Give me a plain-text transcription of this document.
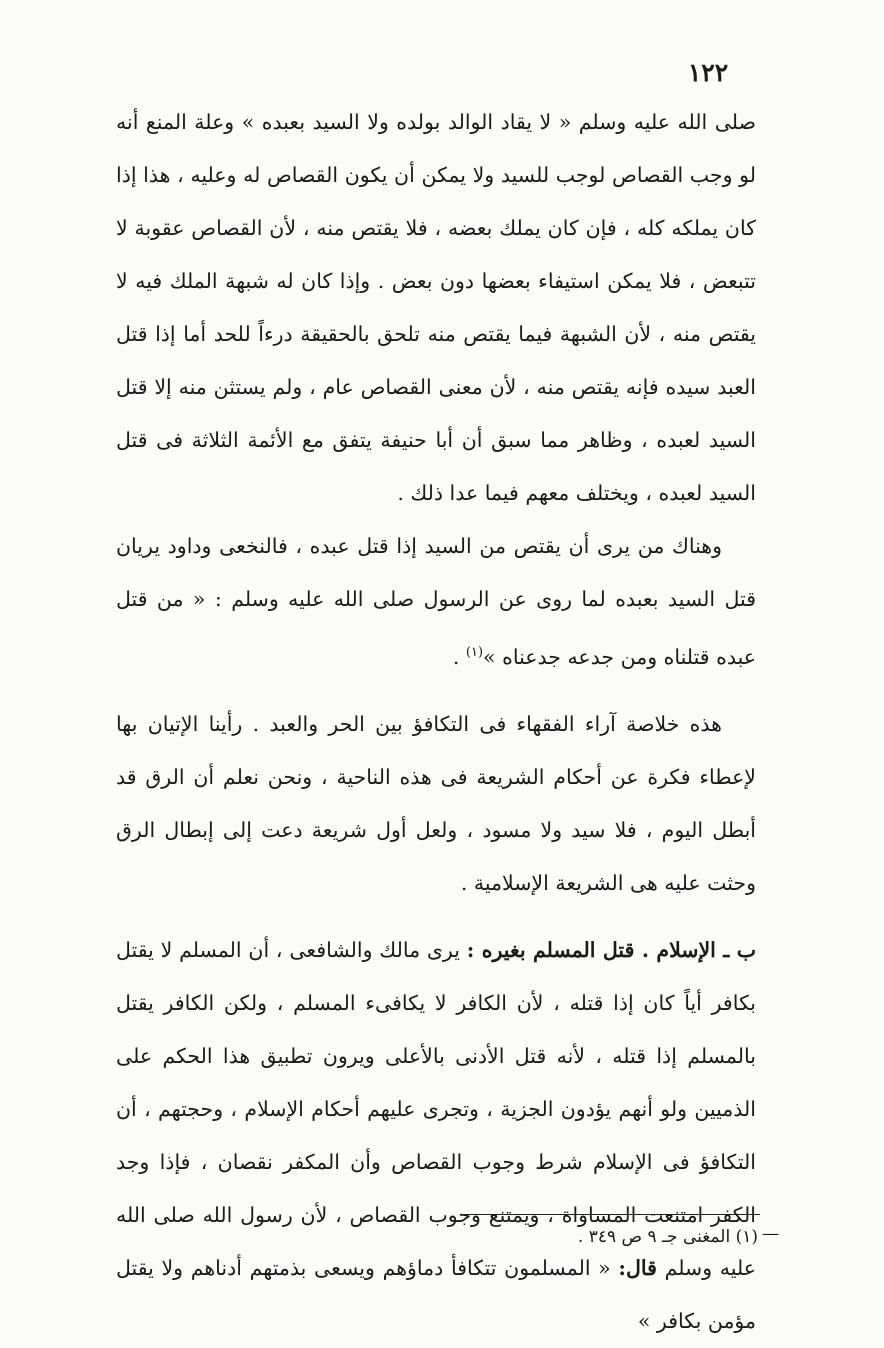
١٢٢

صلى الله عليه وسلم « لا يقاد الوالد بولده ولا السيد بعبده » وعلة المنع أنه لو وجب القصاص لوجب للسيد ولا يمكن أن يكون القصاص له وعليه ، هذا إذا كان يملكه كله ، فإن كان يملك بعضه ، فلا يقتص منه ، لأن القصاص عقوبة لا تتبعض ، فلا يمكن استيفاء بعضها دون بعض . وإذا كان له شبهة الملك فيه لا يقتص منه ، لأن الشبهة فيما يقتص منه تلحق بالحقيقة درءاً للحد أما إذا قتل العبد سيده فإنه يقتص منه ، لأن معنى القصاص عام ، ولم يستثن منه إلا قتل السيد لعبده ، وظاهر مما سبق أن أبا حنيفة يتفق مع الأئمة الثلاثة فى قتل السيد لعبده ، ويختلف معهم فيما عدا ذلك .

وهناك من يرى أن يقتص من السيد إذا قتل عبده ، فالنخعى وداود يريان قتل السيد بعبده لما روى عن الرسول صلى الله عليه وسلم : « من قتل عبده قتلناه ومن جدعه جدعناه »$^{(١)}$ .

هذه خلاصة آراء الفقهاء فى التكافؤ بين الحر والعبد . رأينا الإتيان بها لإعطاء فكرة عن أحكام الشريعة فى هذه الناحية ، ونحن نعلم أن الرق قد أبطل اليوم ، فلا سيد ولا مسود ، ولعل أول شريعة دعت إلى إبطال الرق وحثت عليه هى الشريعة الإسلامية .

ب ـ الإسلام . قتل المسلم بغيره : يرى مالك والشافعى ، أن المسلم لا يقتل بكافر أياً كان إذا قتله ، لأن الكافر لا يكافىء المسلم ، ولكن الكافر يقتل بالمسلم إذا قتله ، لأنه قتل الأدنى بالأعلى ويرون تطبيق هذا الحكم على الذميين ولو أنهم يؤدون الجزية ، وتجرى عليهم أحكام الإسلام ، وحجتهم ، أن التكافؤ فى الإسلام شرط وجوب القصاص وأن المكفر نقصان ، فإذا وجد الكفر امتنعت المساواة ، ويمتنع وجوب القصاص ، لأن رسول الله صلى الله عليه وسلم قال: « المسلمون تتكافأ دماؤهم ويسعى بذمتهم أدناهم ولا يقتل مؤمن بكافر »

—
(١) المغنى جـ ٩ ص ٣٤٩ .
